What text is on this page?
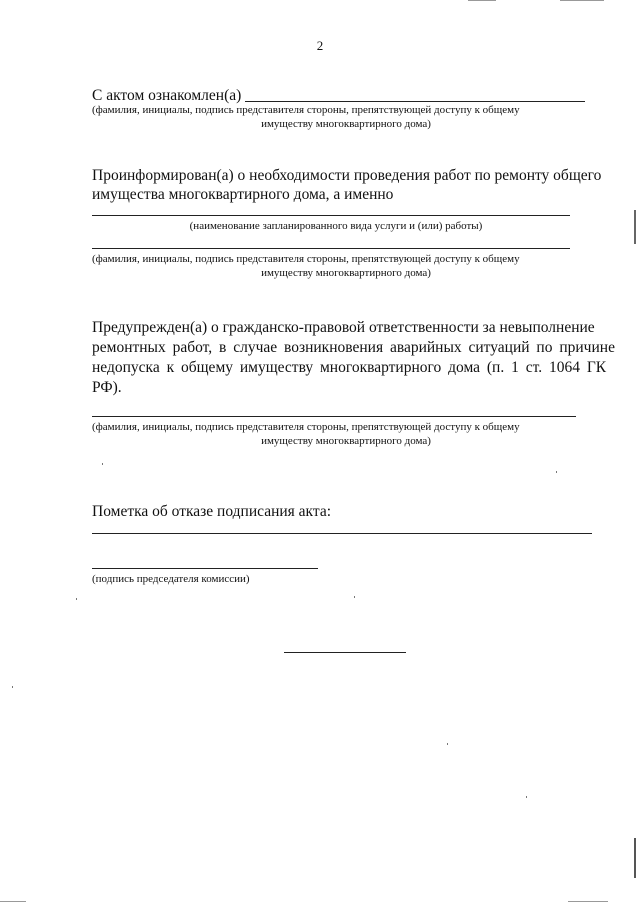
2
С актом ознакомлен(а)
(фамилия, инициалы, подпись представителя стороны, препятствующей доступу к общему
имуществу многоквартирного дома)
Проинформирован(а) о необходимости проведения работ по ремонту общего
имущества многоквартирного дома, а именно
(наименование запланированного вида услуги и (или) работы)
(фамилия, инициалы, подпись представителя стороны, препятствующей доступу к общему
имуществу многоквартирного дома)
Предупрежден(а) о гражданско-правовой ответственности за невыполнение
ремонтных работ, в случае возникновения аварийных ситуаций по причине
недопуска к общему имуществу многоквартирного дома (п. 1 ст. 1064 ГК
РФ).
(фамилия, инициалы, подпись представителя стороны, препятствующей доступу к общему
имуществу многоквартирного дома)
Пометка об отказе подписания акта:
(подпись председателя комиссии)
